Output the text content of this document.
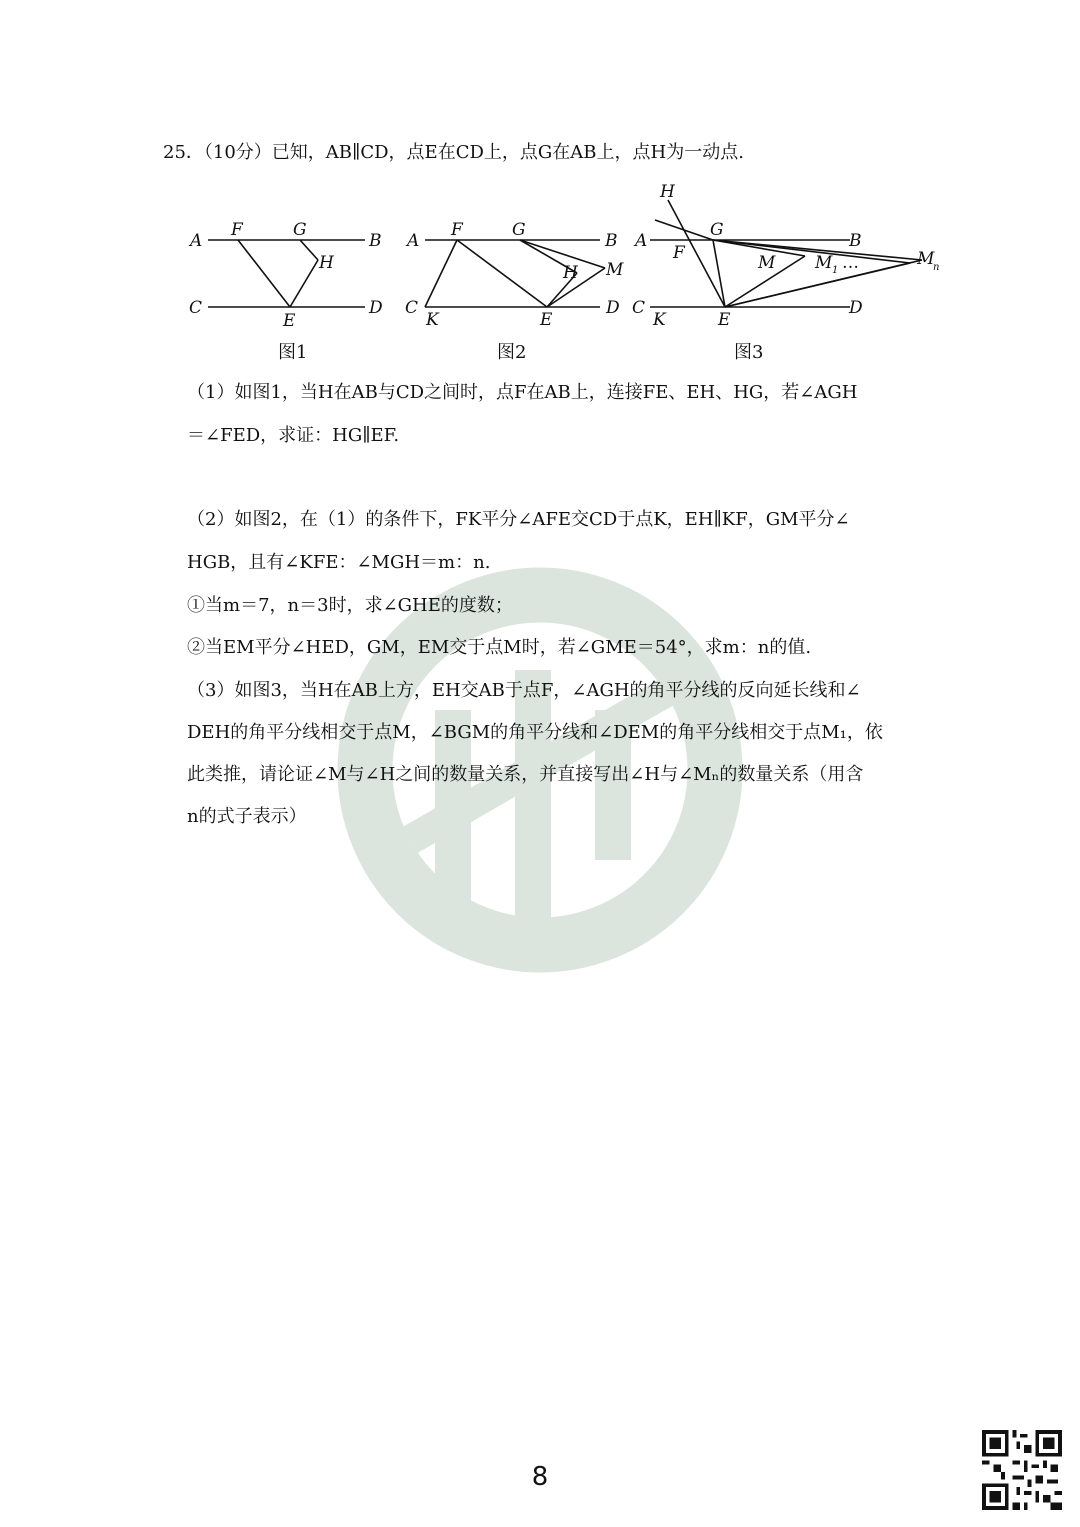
25．（10分）已知，AB∥CD，点E在CD上，点G在AB上，点H为一动点.
A
F	G
B
H
C
E
D
A
F	G
B
H M
C
K	E
D
H
A
G
B
F	M M 1 …	M
n
C
K	E
D
图1	图2	图3
（1）如图1，当H在AB与CD之间时，点F在AB上，连接FE、EH、HG，若∠AGH
＝∠FED，求证：HG∥EF.
（2）如图2，在（1）的条件下，FK平分∠AFE交CD于点K，EH∥KF，GM平分∠
HGB，且有∠KFE：∠MGH＝m：n.
①当m＝7，n＝3时，求∠GHE的度数；
②当EM平分∠HED，GM，EM交于点M时，若∠GME＝54°，求m：n的值.
（3）如图3，当H在AB上方，EH交AB于点F，∠AGH的角平分线的反向延长线和∠
DEH的角平分线相交于点M，∠BGM的角平分线和∠DEM的角平分线相交于点M₁，依
此类推，请论证∠M与∠H之间的数量关系，并直接写出∠H与∠Mₙ的数量关系（用含
n的式子表示）
8
